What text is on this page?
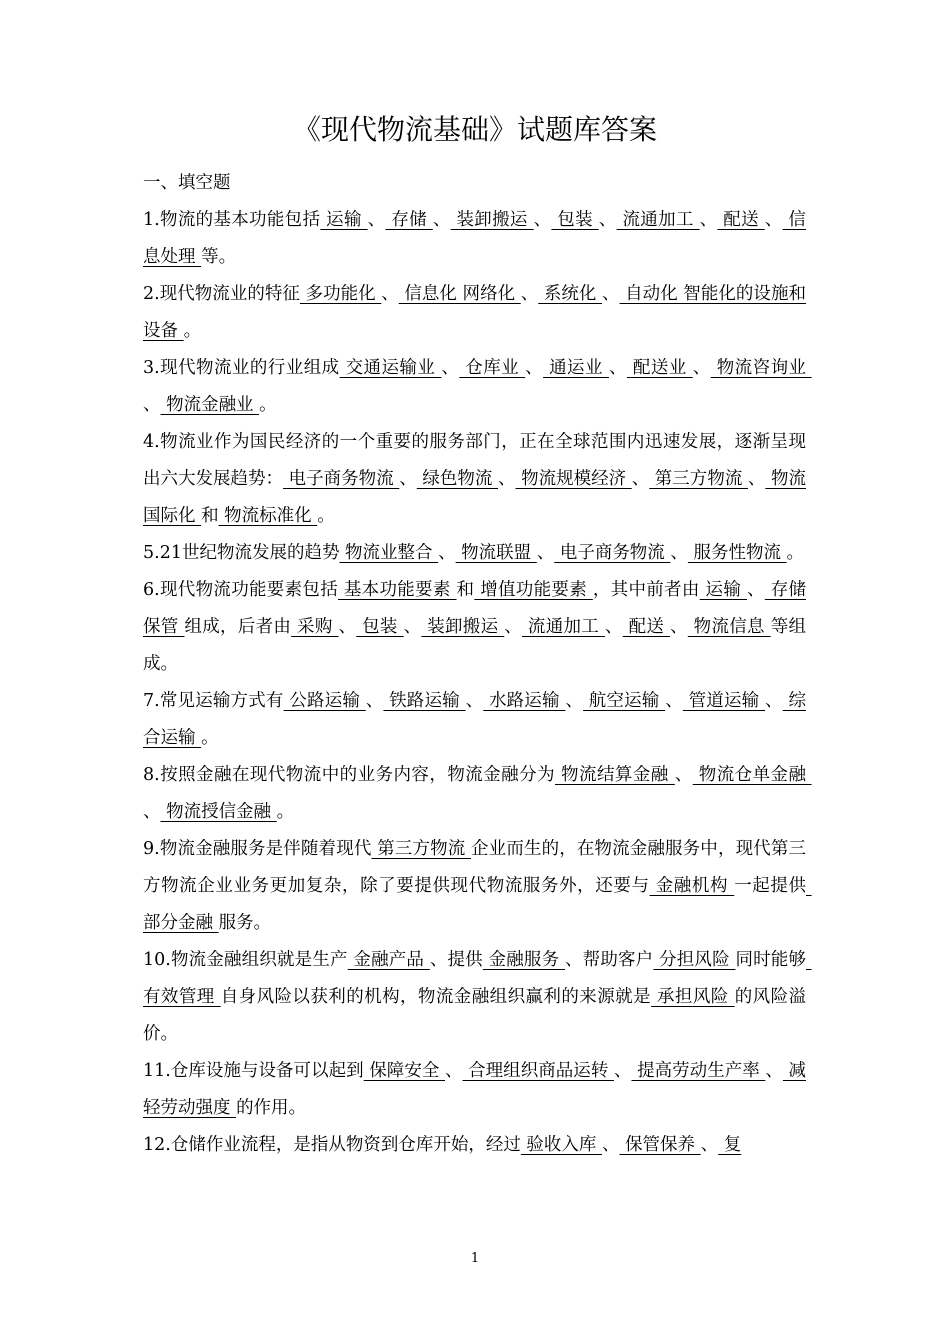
《现代物流基础》试题库答案
一、填空题

1.物流的基本功能包括 运输 、 存储 、 装卸搬运 、 包装 、 流通加工 、 配送 、 信息处理 等。

2.现代物流业的特征 多功能化 、 信息化 网络化 、 系统化 、 自动化 智能化的设施和设备 。

3.现代物流业的行业组成 交通运输业 、 仓库业 、 通运业 、 配送业 、 物流咨询业 、 物流金融业 。

4.物流业作为国民经济的一个重要的服务部门，正在全球范围内迅速发展，逐渐呈现出六大发展趋势： 电子商务物流 、 绿色物流 、 物流规模经济 、 第三方物流 、 物流国际化 和 物流标准化 。

5.21世纪物流发展的趋势 物流业整合 、 物流联盟 、 电子商务物流 、 服务性物流 。

6.现代物流功能要素包括 基本功能要素 和 增值功能要素 ，其中前者由 运输 、 存储保管 组成，后者由 采购 、 包装 、 装卸搬运 、 流通加工 、 配送 、 物流信息 等组成。

7.常见运输方式有 公路运输 、 铁路运输 、 水路运输 、 航空运输 、 管道运输 、 综合运输 。

8.按照金融在现代物流中的业务内容，物流金融分为 物流结算金融 、 物流仓单金融 、 物流授信金融 。

9.物流金融服务是伴随着现代 第三方物流 企业而生的，在物流金融服务中，现代第三方物流企业业务更加复杂，除了要提供现代物流服务外，还要与 金融机构 一起提供 部分金融 服务。

10.物流金融组织就是生产 金融产品 、提供 金融服务 、帮助客户 分担风险 同时能够 有效管理 自身风险以获利的机构，物流金融组织赢利的来源就是 承担风险 的风险溢价。

11.仓库设施与设备可以起到 保障安全 、 合理组织商品运转 、 提高劳动生产率 、 减轻劳动强度 的作用。

12.仓储作业流程，是指从物资到仓库开始，经过 验收入库 、 保管保养 、 复

1
